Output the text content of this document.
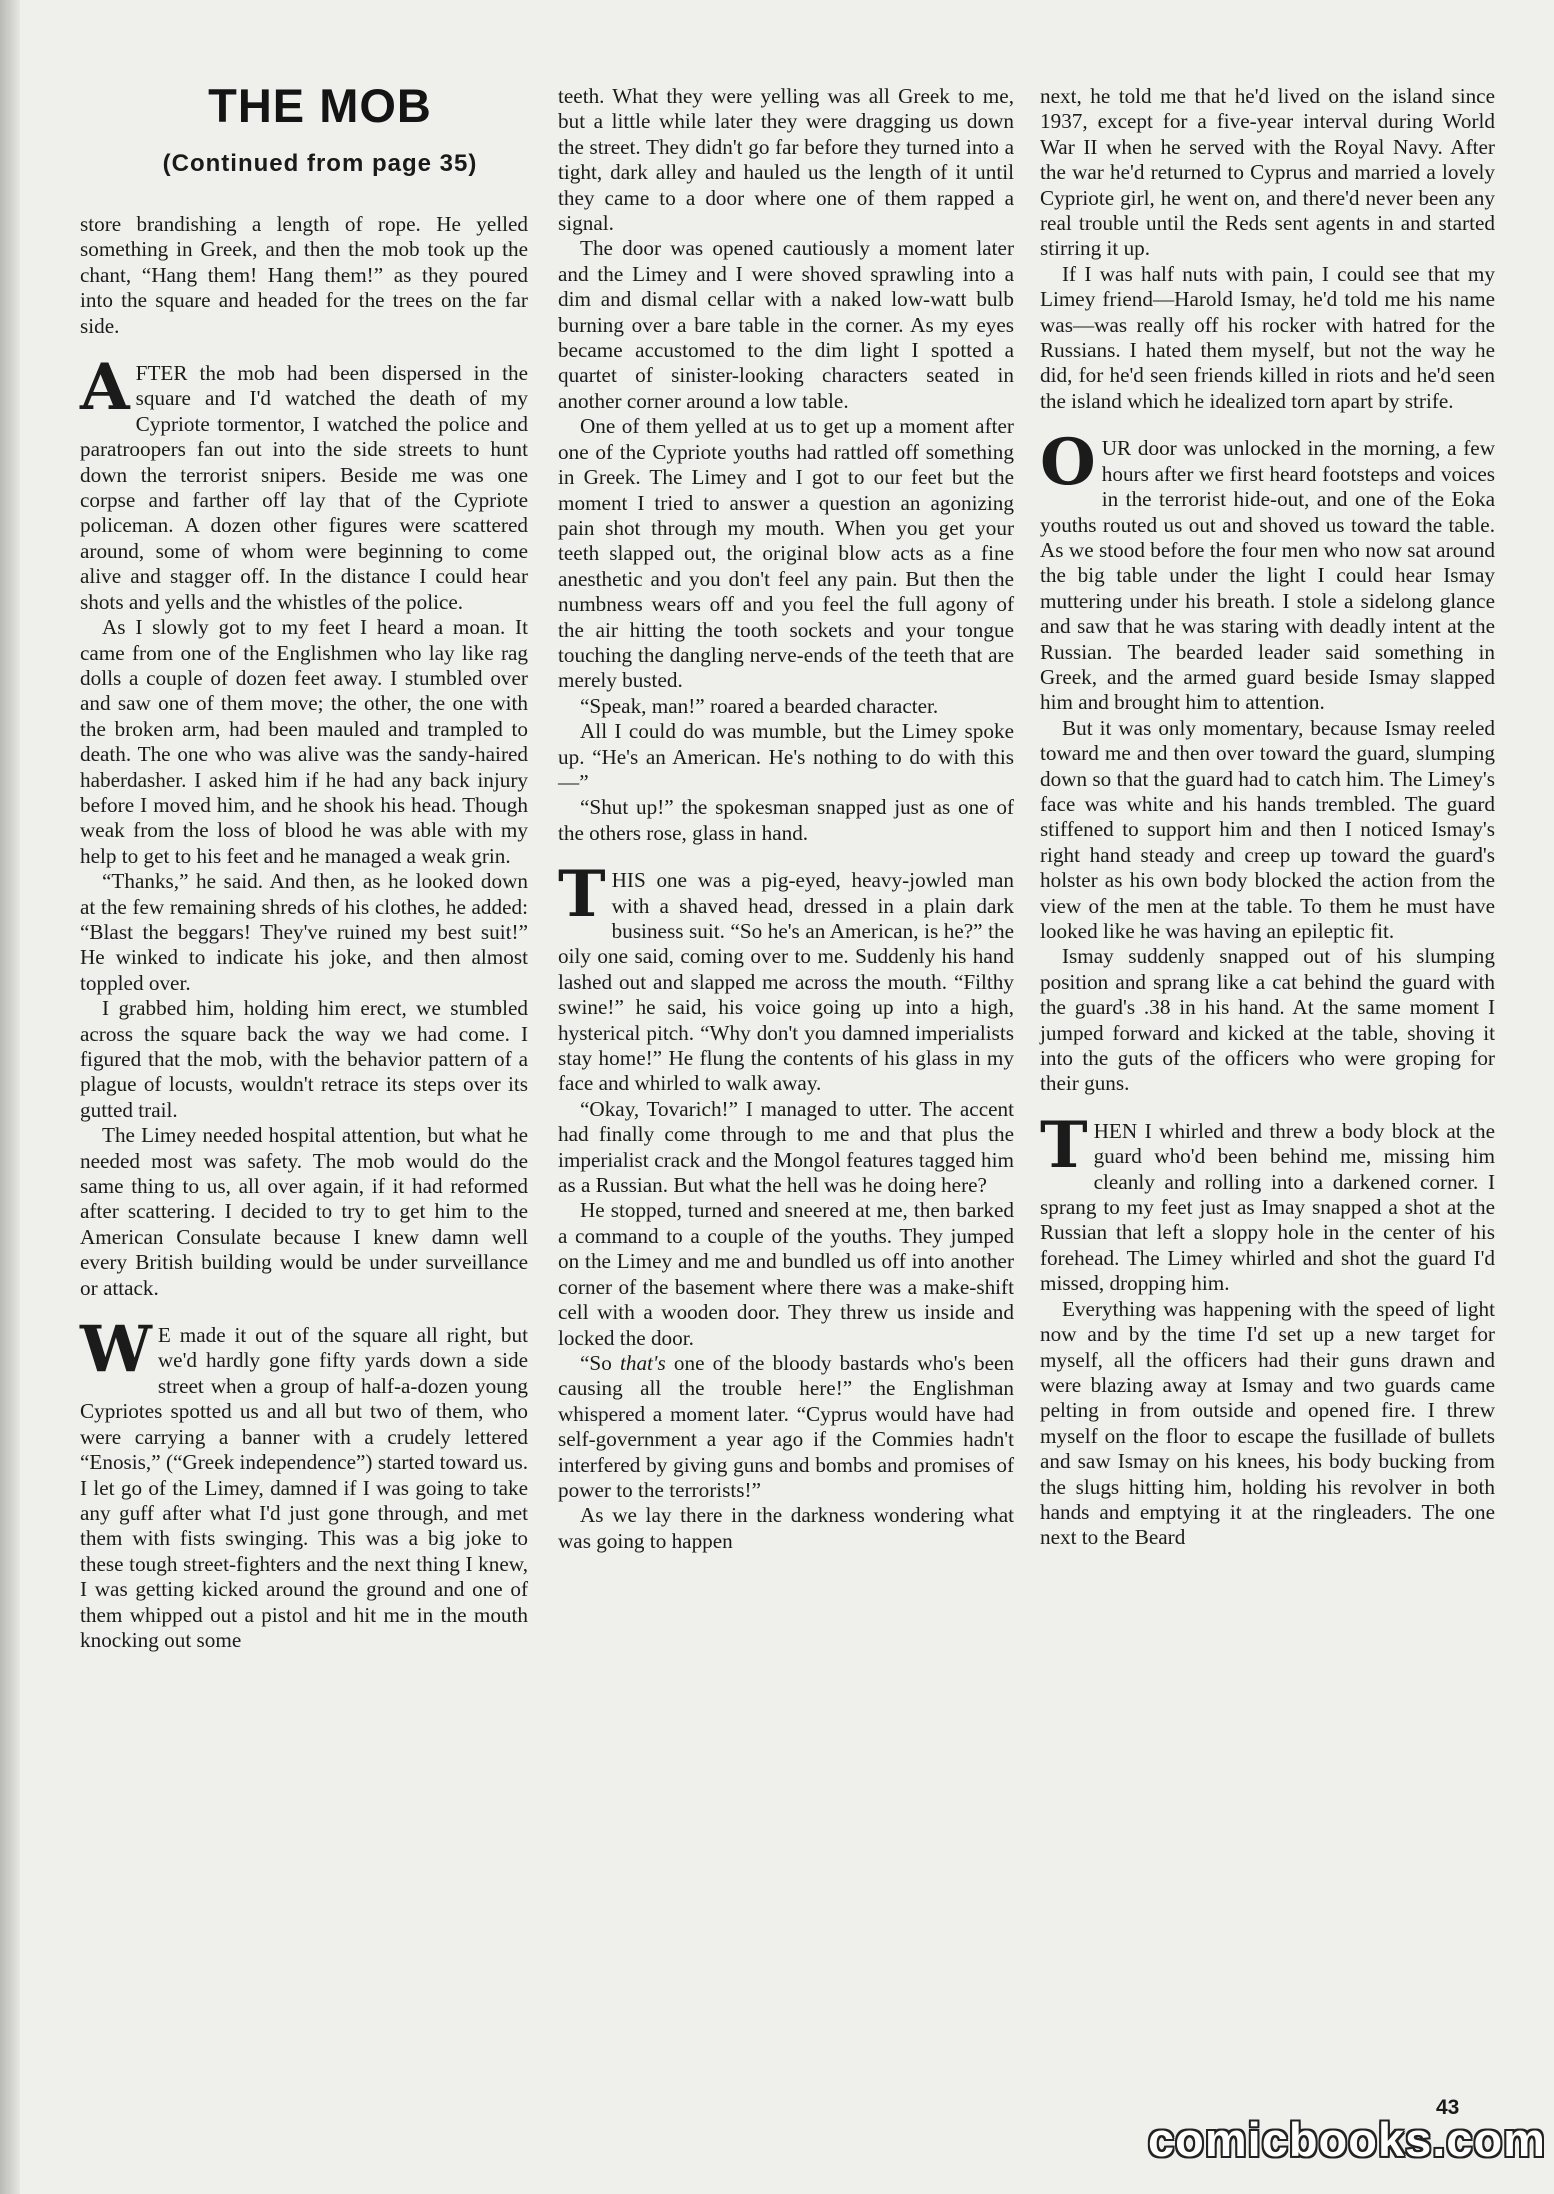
THE MOB

(Continued from page 35)

store brandishing a length of rope. He yelled something in Greek, and then the mob took up the chant, “Hang them! Hang them!” as they poured into the square and headed for the trees on the far side.

AFTER the mob had been dispersed in the square and I'd watched the death of my Cypriote tormentor, I watched the police and paratroopers fan out into the side streets to hunt down the terrorist snipers. Beside me was one corpse and farther off lay that of the Cypriote policeman. A dozen other figures were scattered around, some of whom were beginning to come alive and stagger off. In the distance I could hear shots and yells and the whistles of the police.

As I slowly got to my feet I heard a moan. It came from one of the Englishmen who lay like rag dolls a couple of dozen feet away. I stumbled over and saw one of them move; the other, the one with the broken arm, had been mauled and trampled to death. The one who was alive was the sandy-haired haberdasher. I asked him if he had any back injury before I moved him, and he shook his head. Though weak from the loss of blood he was able with my help to get to his feet and he managed a weak grin.

“Thanks,” he said. And then, as he looked down at the few remaining shreds of his clothes, he added: “Blast the beggars! They've ruined my best suit!” He winked to indicate his joke, and then almost toppled over.

I grabbed him, holding him erect, we stumbled across the square back the way we had come. I figured that the mob, with the behavior pattern of a plague of locusts, wouldn't retrace its steps over its gutted trail.

The Limey needed hospital attention, but what he needed most was safety. The mob would do the same thing to us, all over again, if it had reformed after scattering. I decided to try to get him to the American Consulate because I knew damn well every British building would be under surveillance or attack.

WE made it out of the square all right, but we'd hardly gone fifty yards down a side street when a group of half-a-dozen young Cypriotes spotted us and all but two of them, who were carrying a banner with a crudely lettered “Enosis,” (“Greek independence”) started toward us. I let go of the Limey, damned if I was going to take any guff after what I'd just gone through, and met them with fists swinging. This was a big joke to these tough street-fighters and the next thing I knew, I was getting kicked around the ground and one of them whipped out a pistol and hit me in the mouth knocking out some

teeth. What they were yelling was all Greek to me, but a little while later they were dragging us down the street. They didn't go far before they turned into a tight, dark alley and hauled us the length of it until they came to a door where one of them rapped a signal.

The door was opened cautiously a moment later and the Limey and I were shoved sprawling into a dim and dismal cellar with a naked low-watt bulb burning over a bare table in the corner. As my eyes became accustomed to the dim light I spotted a quartet of sinister-looking characters seated in another corner around a low table.

One of them yelled at us to get up a moment after one of the Cypriote youths had rattled off something in Greek. The Limey and I got to our feet but the moment I tried to answer a question an agonizing pain shot through my mouth. When you get your teeth slapped out, the original blow acts as a fine anesthetic and you don't feel any pain. But then the numbness wears off and you feel the full agony of the air hitting the tooth sockets and your tongue touching the dangling nerve-ends of the teeth that are merely busted.

“Speak, man!” roared a bearded character.

All I could do was mumble, but the Limey spoke up. “He's an American. He's nothing to do with this—”

“Shut up!” the spokesman snapped just as one of the others rose, glass in hand.

THIS one was a pig-eyed, heavy-jowled man with a shaved head, dressed in a plain dark business suit. “So he's an American, is he?” the oily one said, coming over to me. Suddenly his hand lashed out and slapped me across the mouth. “Filthy swine!” he said, his voice going up into a high, hysterical pitch. “Why don't you damned imperialists stay home!” He flung the contents of his glass in my face and whirled to walk away.

“Okay, Tovarich!” I managed to utter. The accent had finally come through to me and that plus the imperialist crack and the Mongol features tagged him as a Russian. But what the hell was he doing here?

He stopped, turned and sneered at me, then barked a command to a couple of the youths. They jumped on the Limey and me and bundled us off into another corner of the basement where there was a make-shift cell with a wooden door. They threw us inside and locked the door.

“So that's one of the bloody bastards who's been causing all the trouble here!” the Englishman whispered a moment later. “Cyprus would have had self-government a year ago if the Commies hadn't interfered by giving guns and bombs and promises of power to the terrorists!”

As we lay there in the darkness wondering what was going to happen

next, he told me that he'd lived on the island since 1937, except for a five-year interval during World War II when he served with the Royal Navy. After the war he'd returned to Cyprus and married a lovely Cypriote girl, he went on, and there'd never been any real trouble until the Reds sent agents in and started stirring it up.

If I was half nuts with pain, I could see that my Limey friend—Harold Ismay, he'd told me his name was—was really off his rocker with hatred for the Russians. I hated them myself, but not the way he did, for he'd seen friends killed in riots and he'd seen the island which he idealized torn apart by strife.

OUR door was unlocked in the morning, a few hours after we first heard footsteps and voices in the terrorist hide-out, and one of the Eoka youths routed us out and shoved us toward the table. As we stood before the four men who now sat around the big table under the light I could hear Ismay muttering under his breath. I stole a sidelong glance and saw that he was staring with deadly intent at the Russian. The bearded leader said something in Greek, and the armed guard beside Ismay slapped him and brought him to attention.

But it was only momentary, because Ismay reeled toward me and then over toward the guard, slumping down so that the guard had to catch him. The Limey's face was white and his hands trembled. The guard stiffened to support him and then I noticed Ismay's right hand steady and creep up toward the guard's holster as his own body blocked the action from the view of the men at the table. To them he must have looked like he was having an epileptic fit.

Ismay suddenly snapped out of his slumping position and sprang like a cat behind the guard with the guard's .38 in his hand. At the same moment I jumped forward and kicked at the table, shoving it into the guts of the officers who were groping for their guns.

THEN I whirled and threw a body block at the guard who'd been behind me, missing him cleanly and rolling into a darkened corner. I sprang to my feet just as Imay snapped a shot at the Russian that left a sloppy hole in the center of his forehead. The Limey whirled and shot the guard I'd missed, dropping him.

Everything was happening with the speed of light now and by the time I'd set up a new target for myself, all the officers had their guns drawn and were blazing away at Ismay and two guards came pelting in from outside and opened fire. I threw myself on the floor to escape the fusillade of bullets and saw Ismay on his knees, his body bucking from the slugs hitting him, holding his revolver in both hands and emptying it at the ringleaders. The one next to the Beard

43

comicbooks.com
